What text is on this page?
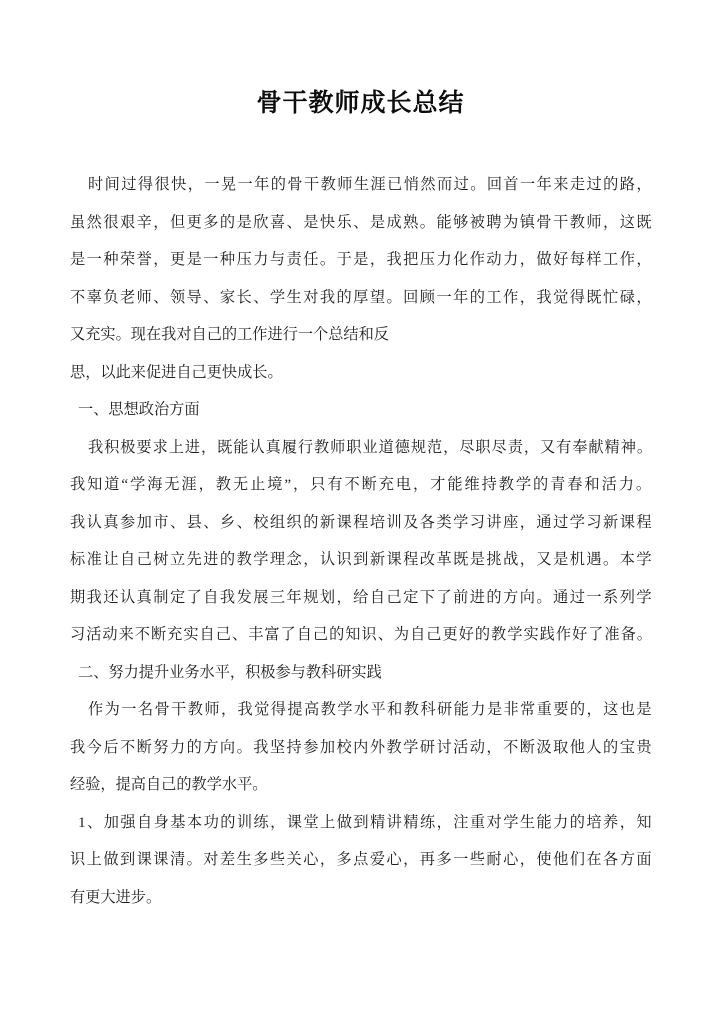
骨干教师成长总结
时间过得很快，一晃一年的骨干教师生涯已悄然而过。回首一年来走过的路，
虽然很艰辛，但更多的是欣喜、是快乐、是成熟。能够被聘为镇骨干教师，这既
是一种荣誉，更是一种压力与责任。于是，我把压力化作动力，做好每样工作，
不辜负老师、领导、家长、学生对我的厚望。回顾一年的工作，我觉得既忙碌，
又充实。现在我对自己的工作进行一个总结和反
思，以此来促进自己更快成长。
一、思想政治方面
我积极要求上进，既能认真履行教师职业道德规范，尽职尽责，又有奉献精神。
我知道“学海无涯，教无止境”，只有不断充电，才能维持教学的青春和活力。
我认真参加市、县、乡、校组织的新课程培训及各类学习讲座，通过学习新课程
标准让自己树立先进的教学理念，认识到新课程改革既是挑战，又是机遇。本学
期我还认真制定了自我发展三年规划，给自己定下了前进的方向。通过一系列学
习活动来不断充实自己、丰富了自己的知识、为自己更好的教学实践作好了准备。
二、努力提升业务水平，积极参与教科研实践
作为一名骨干教师，我觉得提高教学水平和教科研能力是非常重要的，这也是
我今后不断努力的方向。我坚持参加校内外教学研讨活动，不断汲取他人的宝贵
经验，提高自己的教学水平。
1、加强自身基本功的训练，课堂上做到精讲精练，注重对学生能力的培养，知
识上做到课课清。对差生多些关心，多点爱心，再多一些耐心，使他们在各方面
有更大进步。
